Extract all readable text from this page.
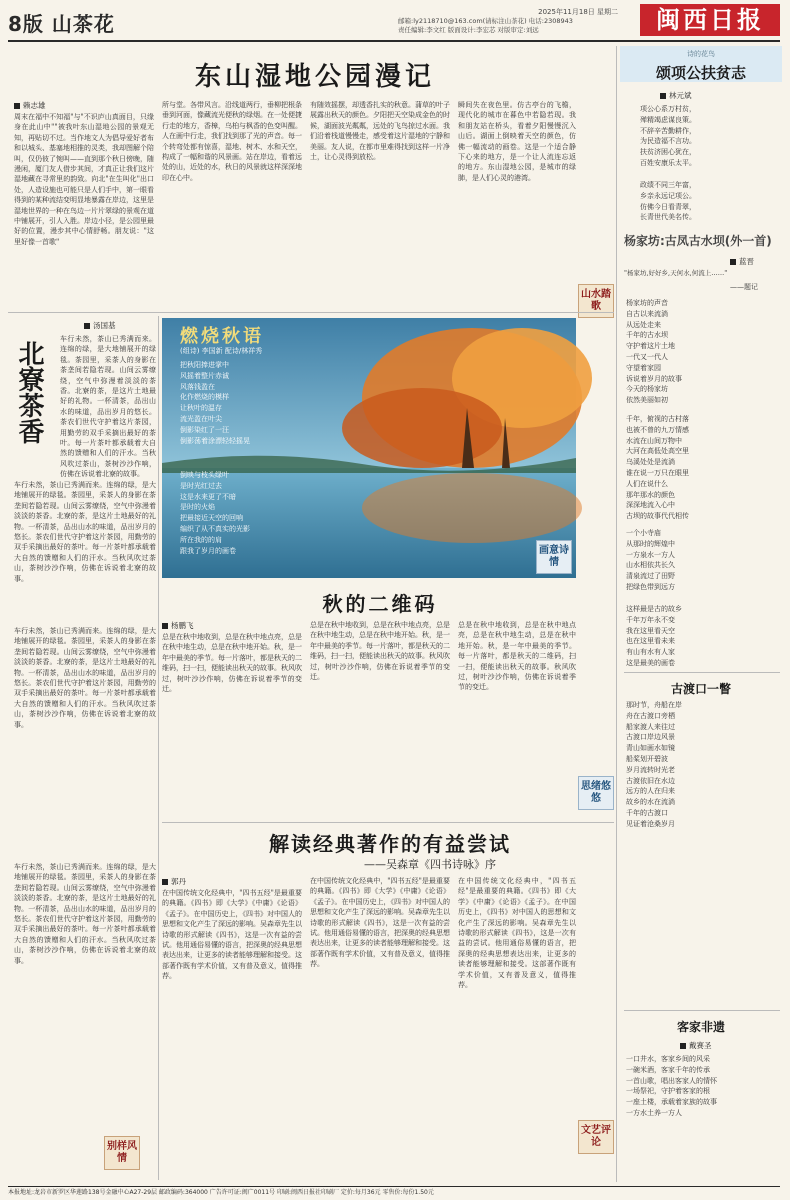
8版 山茶花	2025年11月18日 星期二
邮箱:ly2118710@163.com(请标注山茶花) 电话:2308943
责任编辑:李文红 版面设计:李宏芯 对版审定:刘远	闽西日报
东山湿地公园漫记
赖志雄
周末在福中不知福"与"不识庐山真面目，只缘身在此山中""被我叶东山湿地公园的景观无知，再贴切不过。当作地文人为倡导爱好者布和以城头、基塞地相推的灵类，我却图解个陪叫，仅仍彼了惋叫——直到那个秋日傍晚，随漫闲，厦门友人借步其间，才真正让我们这片湿地藏在寻常里的韵致。向北"在生叫化"出口处，人造设施也可能只是人们手中，第一眼看得到的某种流结变明显地暴露在岸边，这里是湿地世界的一种在鸟边一片片翠绿的景观在道中铺展开，引人入胜。岸边小径，是公园里最好的位置，漫步其中心情舒畅。朋友说："这里好像一首歌"
所与堂。各带风言。沿线道两行，垂柳把根条垂到河面，像藏流光便秋的绿烟。在一处便捷行走的地方，香樟，乌桕与枫香的色变叫醒。人在画中行走，我们找到那了光的声音。每一个转弯处都有惊喜，湿地、树木、水和天空，构成了一幅和谐的风景画。站在岸边，看着远处的山，近处的水，秋日的风景就这样深深地印在心中。
有随效摇摆，却透香扎实的秋意。蒲草的叶子展露出秋天的颜色。夕阳把天空染成金色的时候，湖面波光粼粼，远处的飞鸟掠过水面。我们沿着栈道慢慢走，感受着这片湿地的宁静和美丽。友人说，在都市里难得找到这样一片净土，让心灵得到放松。
瞬间失在夜色里。仿古亭台的飞檐，现代化的城市在暮色中若隐若现。我和朋友站在桥头，看着夕阳慢慢沉入山后。湖面上倒映着天空的颜色，仿佛一幅流动的画卷。这是一个适合静下心来的地方，是一个让人流连忘返的地方。东山湿地公园，是城市的绿肺，是人们心灵的港湾。
山水踏歌
北寮茶香
汤国基
车行未然，茶山已秀满而来。连绵的绿，是大地铺展开的绿毯。茶园里，采茶人的身影在茶垄间若隐若现。山间云雾缭绕，空气中弥漫着淡淡的茶香。北寮的茶，是这片土地最好的礼物。一杯清茶，品出山水的味道，品出岁月的悠长。茶农们世代守护着这片茶园，用勤劳的双手采摘出最好的茶叶。每一片茶叶都承载着大自然的馈赠和人们的汗水。当秋风吹过茶山，茶树沙沙作响，仿佛在诉说着北寮的故事。
车行未然，茶山已秀满而来。连绵的绿，是大地铺展开的绿毯。茶园里，采茶人的身影在茶垄间若隐若现。山间云雾缭绕，空气中弥漫着淡淡的茶香。北寮的茶，是这片土地最好的礼物。一杯清茶，品出山水的味道，品出岁月的悠长。茶农们世代守护着这片茶园，用勤劳的双手采摘出最好的茶叶。每一片茶叶都承载着大自然的馈赠和人们的汗水。当秋风吹过茶山，茶树沙沙作响，仿佛在诉说着北寮的故事。
燃烧秋语
(组诗) 李国新 配诗/林祥秀
把秋阳捧进掌中
风摇着整片赤诚
风落钱盈在
化作燃烧的模样
让秋叶的温存
流光盈在叶尖
倒影染红了一汪
倒影荡着涂漂轻轻摇晃
倒映与枝头绿叶
是时光红过去
这是水来更了不暗
是时的火焰
把最接近天空的回响
编织了从不真实的光影
所在我的的肩
跟我了岁月的画卷	画意诗情
秋的二维码
杨鹏飞
总是在秋中地收到，总是在秋中地点亮，总是在秋中地生动，总是在秋中地开始。秋，是一年中最美的季节。每一片落叶，都是秋天的二维码，扫一扫，便能读出秋天的故事。秋风吹过，树叶沙沙作响，仿佛在诉说着季节的变迁。
总是在秋中地收到，总是在秋中地点亮，总是在秋中地生动，总是在秋中地开始。秋，是一年中最美的季节。每一片落叶，都是秋天的二维码，扫一扫，便能读出秋天的故事。秋风吹过，树叶沙沙作响，仿佛在诉说着季节的变迁。
总是在秋中地收到，总是在秋中地点亮，总是在秋中地生动，总是在秋中地开始。秋，是一年中最美的季节。每一片落叶，都是秋天的二维码，扫一扫，便能读出秋天的故事。秋风吹过，树叶沙沙作响，仿佛在诉说着季节的变迁。
思绪悠悠
车行未然，茶山已秀满而来。连绵的绿，是大地铺展开的绿毯。茶园里，采茶人的身影在茶垄间若隐若现。山间云雾缭绕，空气中弥漫着淡淡的茶香。北寮的茶，是这片土地最好的礼物。一杯清茶，品出山水的味道，品出岁月的悠长。茶农们世代守护着这片茶园，用勤劳的双手采摘出最好的茶叶。每一片茶叶都承载着大自然的馈赠和人们的汗水。当秋风吹过茶山，茶树沙沙作响，仿佛在诉说着北寮的故事。
车行未然，茶山已秀满而来。连绵的绿，是大地铺展开的绿毯。茶园里，采茶人的身影在茶垄间若隐若现。山间云雾缭绕，空气中弥漫着淡淡的茶香。北寮的茶，是这片土地最好的礼物。一杯清茶，品出山水的味道，品出岁月的悠长。茶农们世代守护着这片茶园，用勤劳的双手采摘出最好的茶叶。每一片茶叶都承载着大自然的馈赠和人们的汗水。当秋风吹过茶山，茶树沙沙作响，仿佛在诉说着北寮的故事。
别样风情
解读经典著作的有益尝试
——吴森章《四书诗咏》序
郭丹
在中国传统文化经典中，"四书五经"是最重要的典籍。《四书》即《大学》《中庸》《论语》《孟子》。在中国历史上，《四书》对中国人的思想和文化产生了深远的影响。吴森章先生以诗歌的形式解读《四书》，这是一次有益的尝试。他用通俗易懂的语言，把深奥的经典思想表达出来，让更多的读者能够理解和接受。这部著作既有学术价值，又有普及意义，值得推荐。
在中国传统文化经典中，"四书五经"是最重要的典籍。《四书》即《大学》《中庸》《论语》《孟子》。在中国历史上，《四书》对中国人的思想和文化产生了深远的影响。吴森章先生以诗歌的形式解读《四书》，这是一次有益的尝试。他用通俗易懂的语言，把深奥的经典思想表达出来，让更多的读者能够理解和接受。这部著作既有学术价值，又有普及意义，值得推荐。
在中国传统文化经典中，"四书五经"是最重要的典籍。《四书》即《大学》《中庸》《论语》《孟子》。在中国历史上，《四书》对中国人的思想和文化产生了深远的影响。吴森章先生以诗歌的形式解读《四书》，这是一次有益的尝试。他用通俗易懂的语言，把深奥的经典思想表达出来，让更多的读者能够理解和接受。这部著作既有学术价值，又有普及意义，值得推荐。
文艺评论
诗的花鸟
颂项公扶贫志
林元斌
项公心系万村贫，
殚精竭虑谋良策。
不辞辛苦勤耕作，
为民造福不言功。
扶贫济困心犹在，
百姓安康乐太平。
政绩不同三年富，
乡亲永远记项公。
仿佛今日看青翠，
长青世代美名传。
杨家坊:古凤古水坝(外一首)
蓝晋
"杨家坊,好好乡,天何水,何流上……"
——题记
杨家坊的声音
自古以来流淌
从远处走来
千年的古水坝
守护着这片土地
一代又一代人
守望着家园
诉说着岁月的故事
今天的杨家坊
依然美丽如初
千年，俯视的古村落
也被不曾的九万情感
水流在山间万物中
大河在高低处高空里
乌溪处处是流淌
谁在说一万只在眼里
人们在说什么
那年那水的颜色
深深地流入心中
古坝的故事代代相传
一个小寺庙
从那时的辉煌中
一方泉水一方人
山水相依共长久
清泉流过了田野
把绿色带到远方
这样最是古的故乡
千年万年永不变
我在这里看天空
也在这里看未来
有山有水有人家
这是最美的画卷
古渡口一瞥
那时节，舟船在岸
舟在古渡口旁栖
船家渡人来往过
古渡口岸边风景
青山如画水如镜
船桨划开碧波
岁月流转时光老
古渡依旧在水边
远方的人在归来
故乡的水在流淌
千年的古渡口
见证着沧桑岁月
客家非遗
戴赛圣
一口井水，客家乡间的风采
一碗米酒，客家千年的传承
一首山歌，唱出客家人的情怀
一场祭祀，守护着客家的根
一座土楼，承载着家族的故事
一方水土养一方人
本报地址:龙岩市新罗区华莲路138号金融中心A27-29层 邮政编码:364000 广告许可证:闽广0011号 印刷:闽西日报社印刷厂 定价:每月36元 零售价:每份1.50元
